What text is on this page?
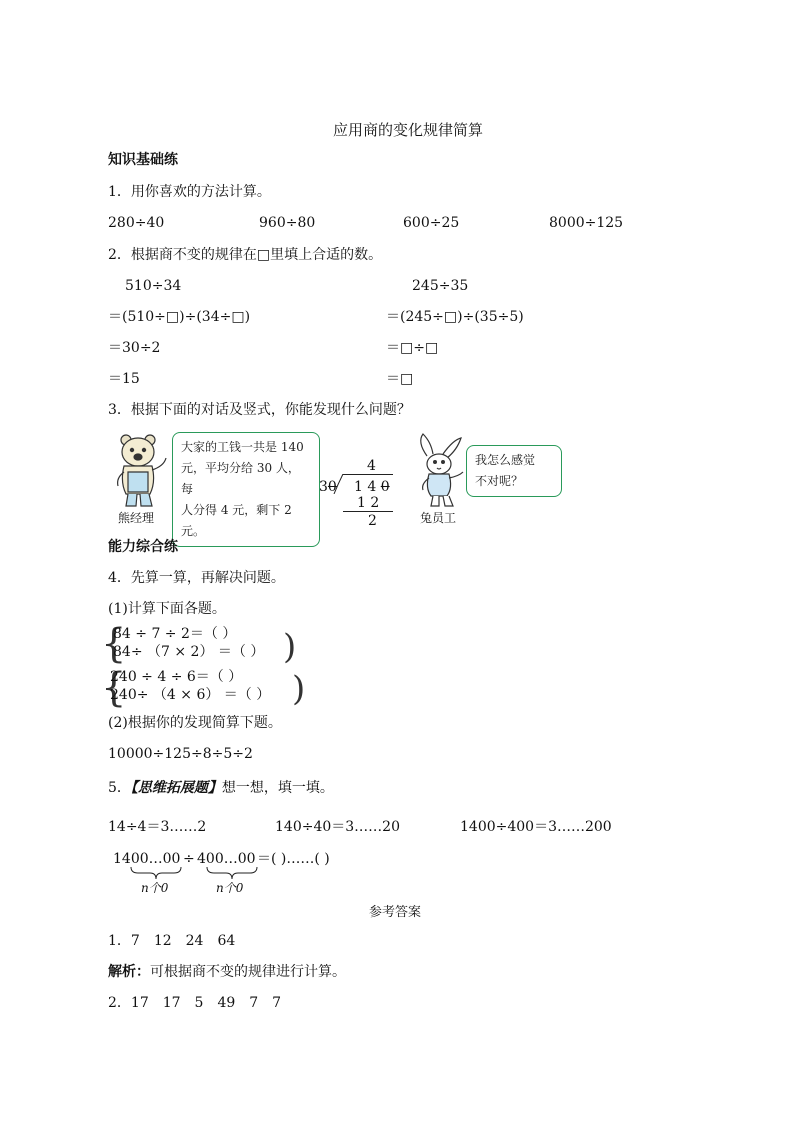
应用商的变化规律简算
知识基础练
1．用你喜欢的方法计算。
280÷40	960÷80	600÷25	8000÷125
2．根据商不变的规律在□里填上合适的数。
510÷34
＝(510÷□)÷(34÷□)
＝30÷2
＝15
245÷35
＝(245÷□)÷(35÷5)
＝□÷□
＝□
3．根据下面的对话及竖式，你能发现什么问题？
大家的工钱一共是 140
元，平均分给 30 人，每
人分得 4 元，剩下 2 元。
熊经理
4
30 1 4 0
1 2
2
我怎么感觉
不对呢？
兔员工
能力综合练
4．先算一算，再解决问题。
(1)计算下面各题。
{
84 ÷ 7 ÷ 2＝（ ）
84÷ （7 × 2） ＝（ ） )
{
240 ÷ 4 ÷ 6＝（ ）
240÷ （4 × 6） ＝（ ） )
(2)根据你的发现简算下题。
10000÷125÷8÷5÷2
5．【思维拓展题】想一想，填一填。
14÷4＝3……2	140÷40＝3……20	1400÷400＝3……200
1400…00 ÷ 400…00 ＝( )……( )
n个0	n个0
参考答案
1．7　12　24　64
解析：可根据商不变的规律进行计算。
2．17　17　5　49　7　7
